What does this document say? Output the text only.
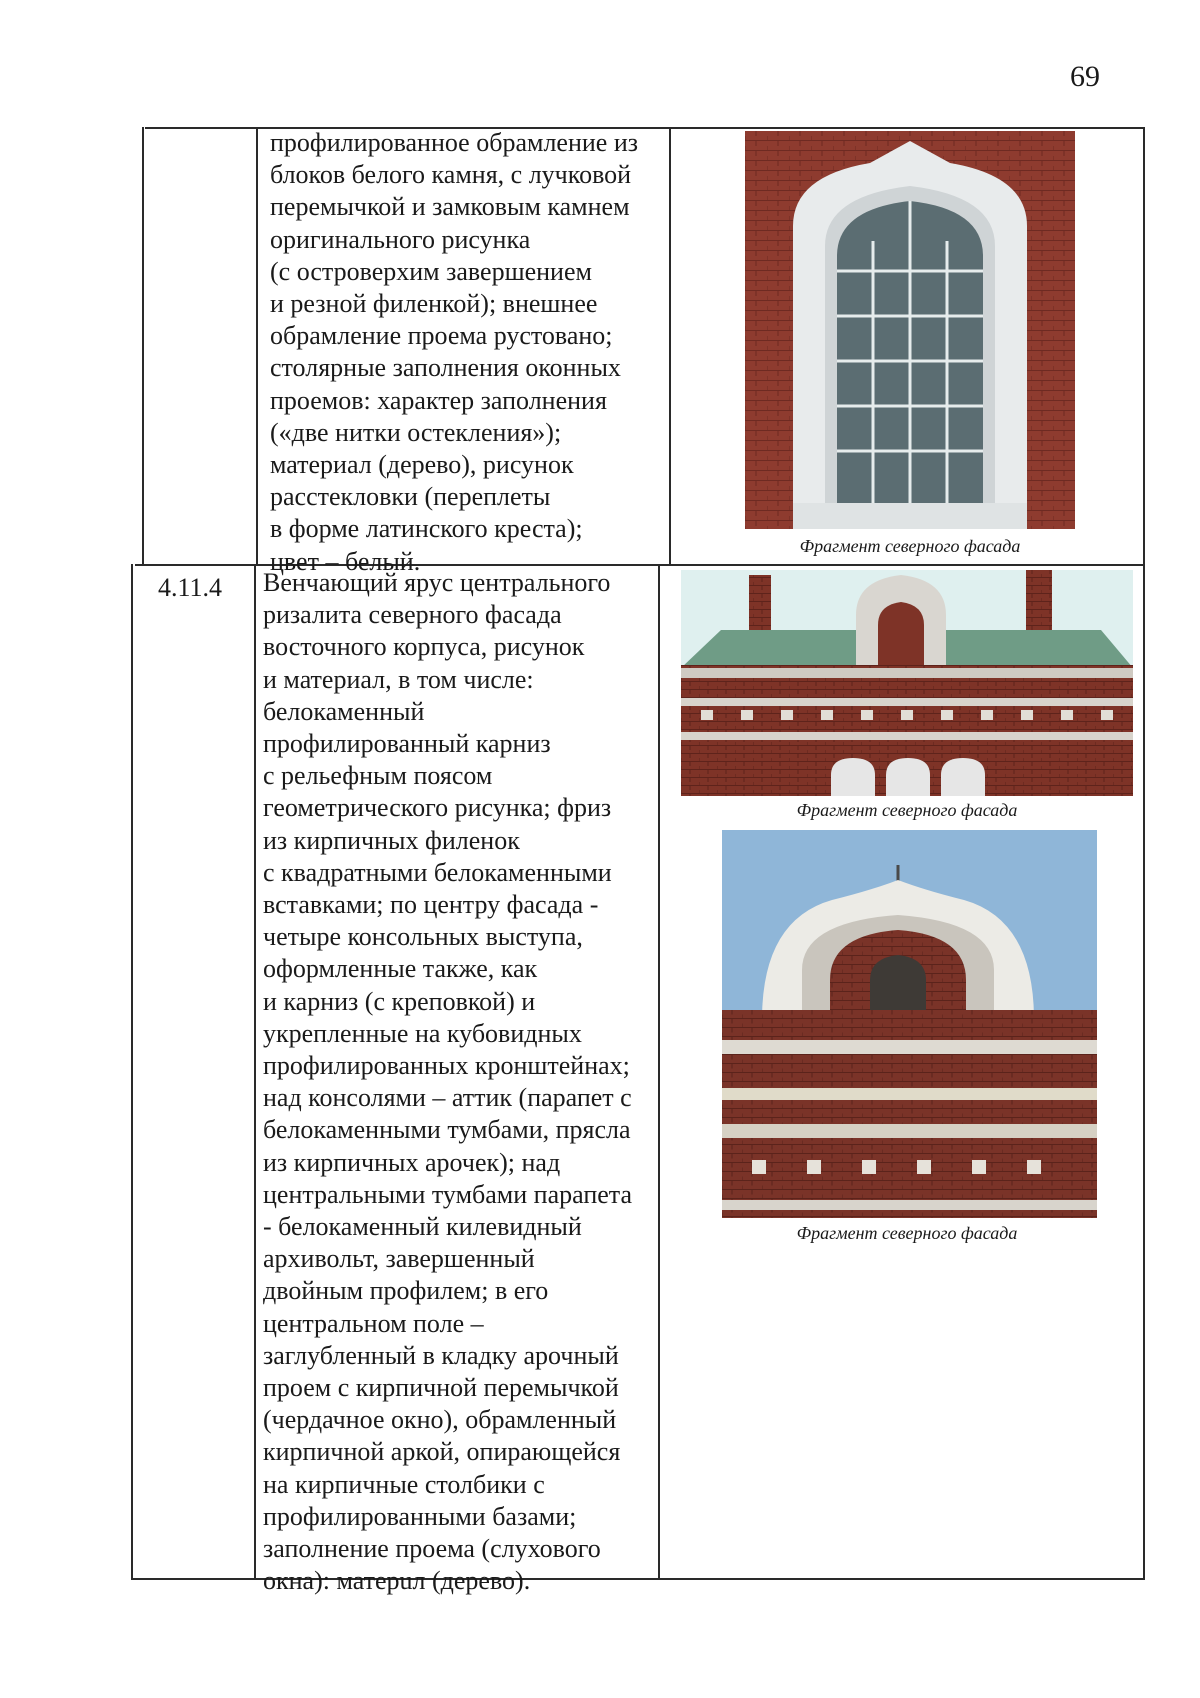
69
профилированное обрамление из
блоков белого камня, с лучковой
перемычкой и замковым камнем
оригинального рисунка
(с островерхим завершением
и резной филенкой); внешнее
обрамление проема рустовано;
столярные заполнения оконных
проемов: характер заполнения
(«две нитки остекления»);
материал (дерево), рисунок
расстекловки (переплеты
в форме латинского креста);
цвет – белый.
Фрагмент северного фасада
4.11.4 Венчающий ярус центрального
ризалита северного фасада
восточного корпуса, рисунок
и материал, в том числе:
белокаменный
профилированный карниз
с рельефным поясом
геометрического рисунка; фриз
из кирпичных филенок
с квадратными белокаменными
вставками; по центру фасада -
четыре консольных выступа,
оформленные также, как
и карниз (с креповкой) и
укрепленные на кубовидных
профилированных кронштейнах;
над консолями – аттик (парапет с
белокаменными тумбами, прясла
из кирпичных арочек); над
центральными тумбами парапета
- белокаменный килевидный
архивольт, завершенный
двойным профилем; в его
центральном поле –
заглубленный в кладку арочный
проем с кирпичной перемычкой
(чердачное окно), обрамленный
кирпичной аркой, опирающейся
на кирпичные столбики с
профилированными базами;
заполнение проема (слухового
окна): матерuл (дерево).
Фрагмент северного фасада
Фрагмент северного фасада
